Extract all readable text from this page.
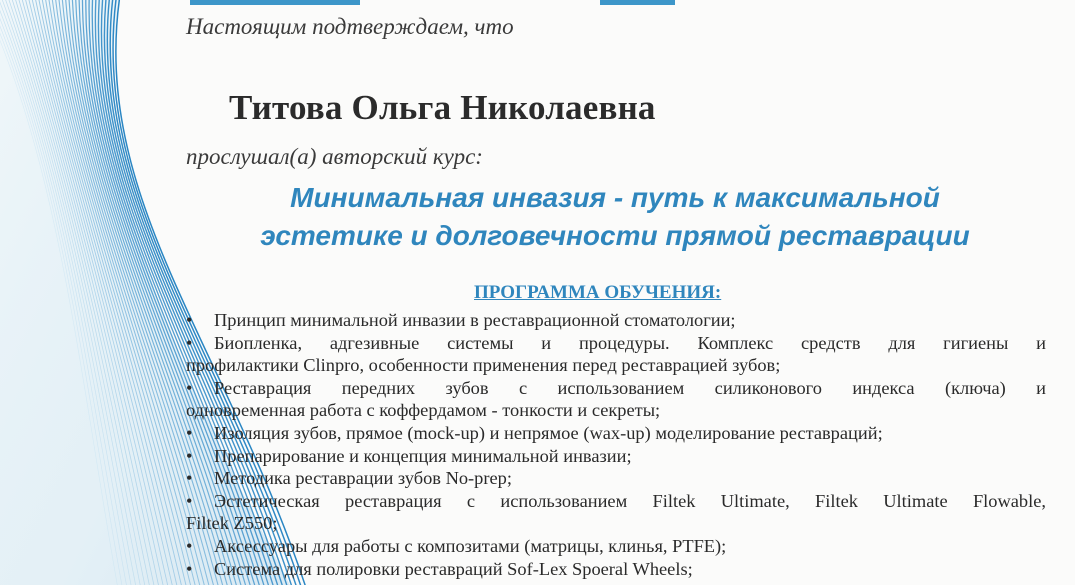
Настоящим подтверждаем, что
Титова Ольга Николаевна

прослушал(а) авторский курс:

Минимальная инвазия - путь к максимальной

эстетике и долговечности прямой реставрации

ПРОГРАММА ОБУЧЕНИЯ:

• Принцип минимальной инвазии в реставрационной стоматологии;
• Биопленка, адгезивные системы и процедуры. Комплекс средств для гигиены и
профилактики Clinpro, особенности применения перед реставрацией зубов;
• Реставрация передних зубов с использованием силиконового индекса (ключа) и
одновременная работа с коффердамом - тонкости и секреты;
• Изоляция зубов, прямое (mock-up) и непрямое (wax-up) моделирование реставраций;
• Препарирование и концепция минимальной инвазии;
• Методика реставрации зубов No-prep;
• Эстетическая реставрация с использованием Filtek Ultimate, Filtek Ultimate Flowable,
Filtek Z550;
• Аксессуары для работы с композитами (матрицы, клинья, PTFE);
• Система для полировки реставраций Sof-Lex Spoeral Wheels;
